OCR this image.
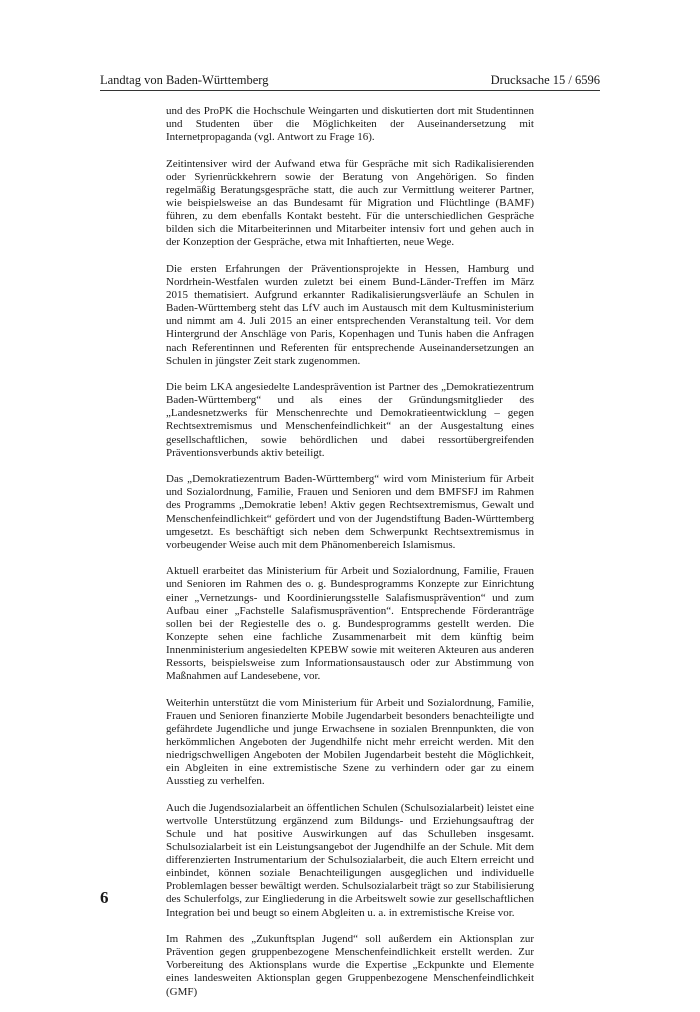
Landtag von Baden-Württemberg	Drucksache 15 / 6596

und des ProPK die Hochschule Weingarten und diskutierten dort mit Studentinnen und Studenten über die Möglichkeiten der Auseinandersetzung mit Internetpropaganda (vgl. Antwort zu Frage 16).

Zeitintensiver wird der Aufwand etwa für Gespräche mit sich Radikalisierenden oder Syrienrückkehrern sowie der Beratung von Angehörigen. So finden regelmäßig Beratungsgespräche statt, die auch zur Vermittlung weiterer Partner, wie beispielsweise an das Bundesamt für Migration und Flüchtlinge (BAMF) führen, zu dem ebenfalls Kontakt besteht. Für die unterschiedlichen Gespräche bilden sich die Mitarbeiterinnen und Mitarbeiter intensiv fort und gehen auch in der Konzeption der Gespräche, etwa mit Inhaftierten, neue Wege.

Die ersten Erfahrungen der Präventionsprojekte in Hessen, Hamburg und Nordrhein-Westfalen wurden zuletzt bei einem Bund-Länder-Treffen im März 2015 thematisiert. Aufgrund erkannter Radikalisierungsverläufe an Schulen in Baden-Württemberg steht das LfV auch im Austausch mit dem Kultusministerium und nimmt am 4. Juli 2015 an einer entsprechenden Veranstaltung teil. Vor dem Hintergrund der Anschläge von Paris, Kopenhagen und Tunis haben die Anfragen nach Referentinnen und Referenten für entsprechende Auseinandersetzungen an Schulen in jüngster Zeit stark zugenommen.

Die beim LKA angesiedelte Landesprävention ist Partner des „Demokratiezentrum Baden-Württemberg“ und als eines der Gründungsmitglieder des „Landesnetzwerks für Menschenrechte und Demokratieentwicklung – gegen Rechtsextremismus und Menschenfeindlichkeit“ an der Ausgestaltung eines gesellschaftlichen, sowie behördlichen und dabei ressortübergreifenden Präventionsverbunds aktiv beteiligt.

Das „Demokratiezentrum Baden-Württemberg“ wird vom Ministerium für Arbeit und Sozialordnung, Familie, Frauen und Senioren und dem BMFSFJ im Rahmen des Programms „Demokratie leben! Aktiv gegen Rechtsextremismus, Gewalt und Menschenfeindlichkeit“ gefördert und von der Jugendstiftung Baden-Württemberg umgesetzt. Es beschäftigt sich neben dem Schwerpunkt Rechtsextremismus in vorbeugender Weise auch mit dem Phänomenbereich Islamismus.

Aktuell erarbeitet das Ministerium für Arbeit und Sozialordnung, Familie, Frauen und Senioren im Rahmen des o. g. Bundesprogramms Konzepte zur Einrichtung einer „Vernetzungs- und Koordinierungsstelle Salafismusprävention“ und zum Aufbau einer „Fachstelle Salafismusprävention“. Entsprechende Förderanträge sollen bei der Regiestelle des o. g. Bundesprogramms gestellt werden. Die Konzepte sehen eine fachliche Zusammenarbeit mit dem künftig beim Innenministerium angesiedelten KPEBW sowie mit weiteren Akteuren aus anderen Ressorts, beispielsweise zum Informationsaustausch oder zur Abstimmung von Maßnahmen auf Landesebene, vor.

Weiterhin unterstützt die vom Ministerium für Arbeit und Sozialordnung, Familie, Frauen und Senioren finanzierte Mobile Jugendarbeit besonders benachteiligte und gefährdete Jugendliche und junge Erwachsene in sozialen Brennpunkten, die von herkömmlichen Angeboten der Jugendhilfe nicht mehr erreicht werden. Mit den niedrigschwelligen Angeboten der Mobilen Jugendarbeit besteht die Möglichkeit, ein Abgleiten in eine extremistische Szene zu verhindern oder gar zu einem Ausstieg zu verhelfen.

Auch die Jugendsozialarbeit an öffentlichen Schulen (Schulsozialarbeit) leistet eine wertvolle Unterstützung ergänzend zum Bildungs- und Erziehungsauftrag der Schule und hat positive Auswirkungen auf das Schulleben insgesamt. Schulsozialarbeit ist ein Leistungsangebot der Jugendhilfe an der Schule. Mit dem differenzierten Instrumentarium der Schulsozialarbeit, die auch Eltern erreicht und einbindet, können soziale Benachteiligungen ausgeglichen und individuelle Problemlagen besser bewältigt werden. Schulsozialarbeit trägt so zur Stabilisierung des Schulerfolgs, zur Eingliederung in die Arbeitswelt sowie zur gesellschaftlichen Integration bei und beugt so einem Abgleiten u. a. in extremistische Kreise vor.

Im Rahmen des „Zukunftsplan Jugend“ soll außerdem ein Aktionsplan zur Prävention gegen gruppenbezogene Menschenfeindlichkeit erstellt werden. Zur Vorbereitung des Aktionsplans wurde die Expertise „Eckpunkte und Elemente eines landesweiten Aktionsplan gegen Gruppenbezogene Menschenfeindlichkeit (GMF)

6
